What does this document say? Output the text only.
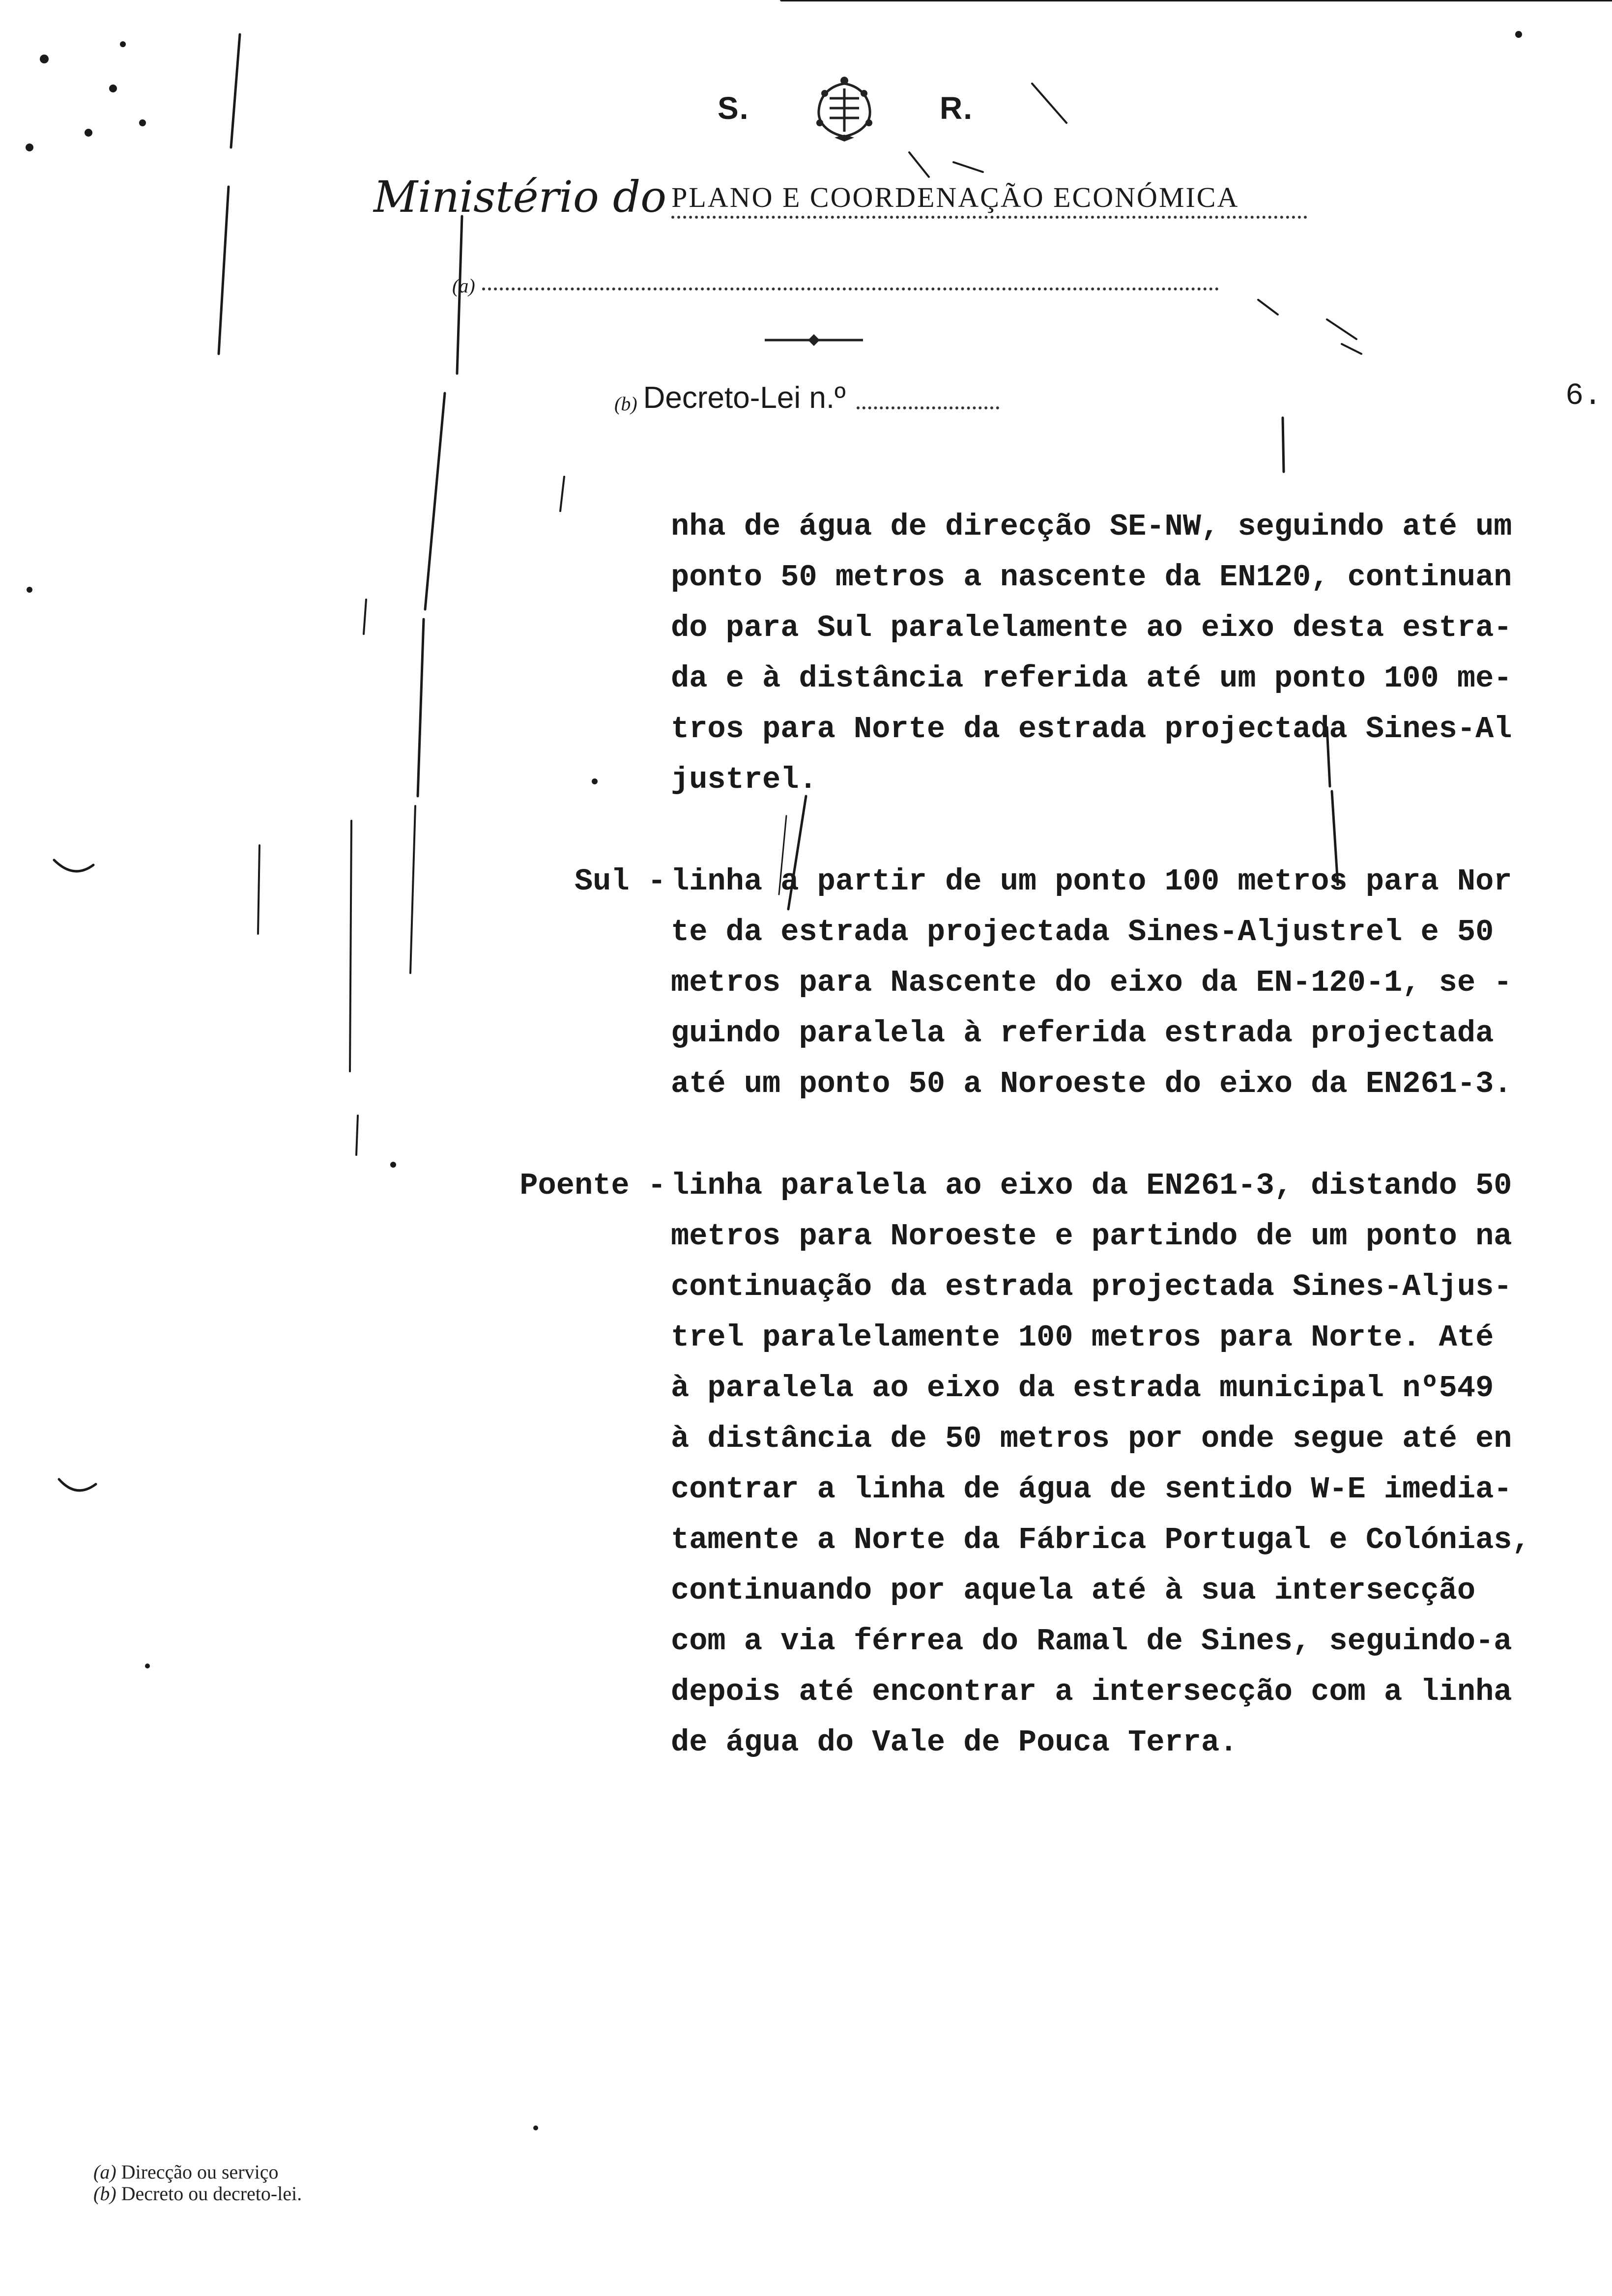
S.	R.
Ministério do PLANO E COORDENAÇÃO ECONÓMICA
(a)
(b) Decreto-Lei n.º	6.
nha de água de direcção SE-NW, seguindo até um
ponto 50 metros a nascente da EN120, continuan
do para Sul paralelamente ao eixo desta estra-
da e à distância referida até um ponto 100 me-
tros para Norte da estrada projectada Sines-Al
justrel.
Sul - linha a partir de um ponto 100 metros para Nor
te da estrada projectada Sines-Aljustrel e 50
metros para Nascente do eixo da EN-120-1, se -
guindo paralela à referida estrada projectada
até um ponto 50 a Noroeste do eixo da EN261-3.
Poente - linha paralela ao eixo da EN261-3, distando 50
metros para Noroeste e partindo de um ponto na
continuação da estrada projectada Sines-Aljus-
trel paralelamente 100 metros para Norte. Até
à paralela ao eixo da estrada municipal nº549
à distância de 50 metros por onde segue até en
contrar a linha de água de sentido W-E imedia-
tamente a Norte da Fábrica Portugal e Colónias,
continuando por aquela até à sua intersecção
com a via férrea do Ramal de Sines, seguindo-a
depois até encontrar a intersecção com a linha
de água do Vale de Pouca Terra.
(a) Direcção ou serviço
(b) Decreto ou decreto-lei.
